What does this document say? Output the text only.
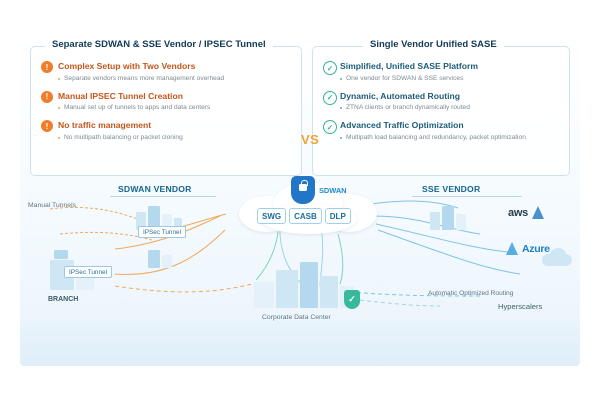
Separate SDWAN & SSE Vendor / IPSEC Tunnel
!	Complex Setup with Two Vendors
Separate vendors means more management overhead
!	Manual IPSEC Tunnel Creation
Manual set up of tunnels to apps and data centers
!	No traffic management
No multipath balancing or packet cloning
Single Vendor Unified SASE
✓ Simplified, Unified SASE Platform
One vendor for SDWAN & SSE services
✓ Dynamic, Automated Routing
ZTNA clients or branch dynamically routed
✓ Advanced Traffic Optimization
Multipath load balancing and redundancy, packet optimization
VS
SDWAN VENDOR	SSE VENDOR
SDWAN
SWG	CASB	DLP
Manual Tunnels
BRANCH
IPSec Tunnel
IPSec Tunnel
✓
Corporate Data Center
aws
Azure
Hyperscalers
Automatic Optimized Routing
